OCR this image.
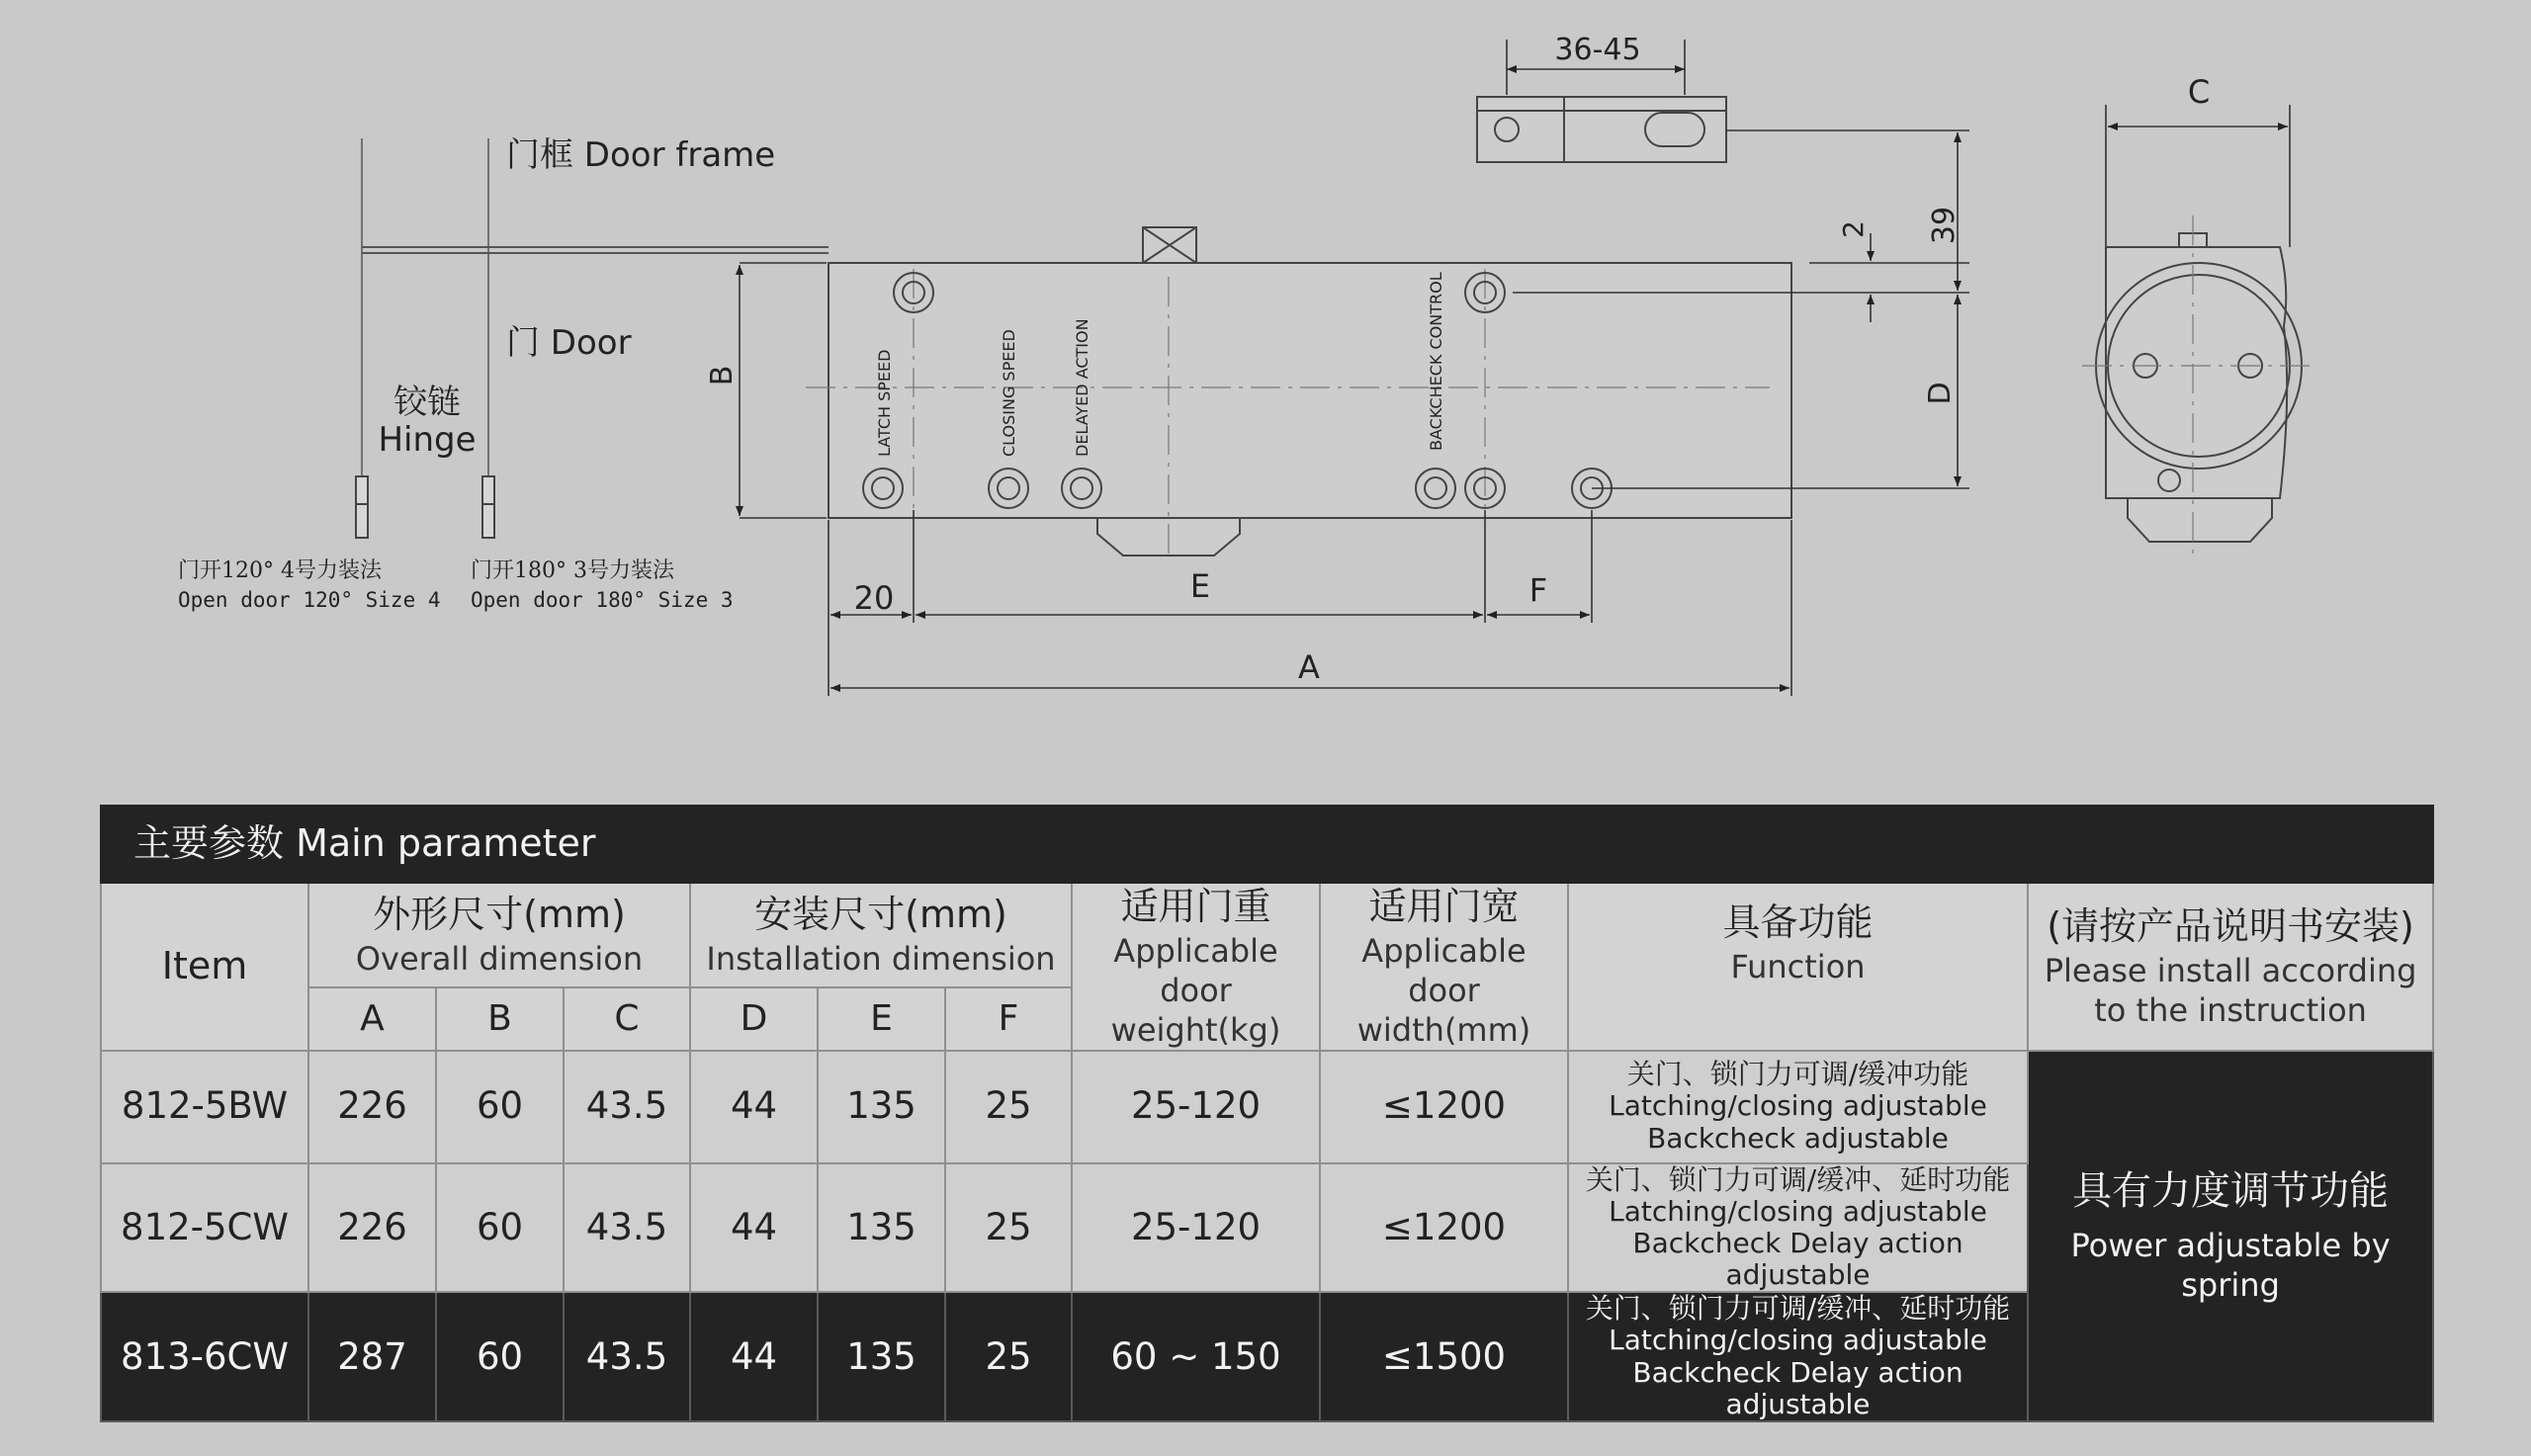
门框 Door frame
门 Door
铰链
Hinge
门开120° 4号力装法
Open door 120° Size 4
门开180° 3号力装法
Open door 180° Size 3
LATCH SPEED	CLOSING SPEED	DELAYED ACTION	BACKCHECK CONTROL
36-45
B
39
D
2
20	E	F
A
C
主要参数 Main parameter										
Item	外形尺寸(mm)
Overall dimension			安装尺寸(mm)
Installation dimension			适用门重
Applicable door weight(kg)	适用门宽
Applicable door width(mm)	具备功能
Function	(请按产品说明书安装)
Please install according to the instruction

	A	B	C	D	E	F				
812-5BW	226	60	43.5	44	135	25	25-120	≤1200	关门、锁门力可调/缓冲功能
Latching/closing adjustable
Backcheck adjustable	具有力度调节功能
Power adjustable by spring

812-5CW	226	60	43.5	44	135	25	25-120	≤1200	关门、锁门力可调/缓冲、延时功能
Latching/closing adjustable
Backcheck Delay action adjustable	

813-6CW	287	60	43.5	44	135	25	60 ~ 150	≤1500	关门、锁门力可调/缓冲、延时功能
Latching/closing adjustable
Backcheck Delay action adjustable	
